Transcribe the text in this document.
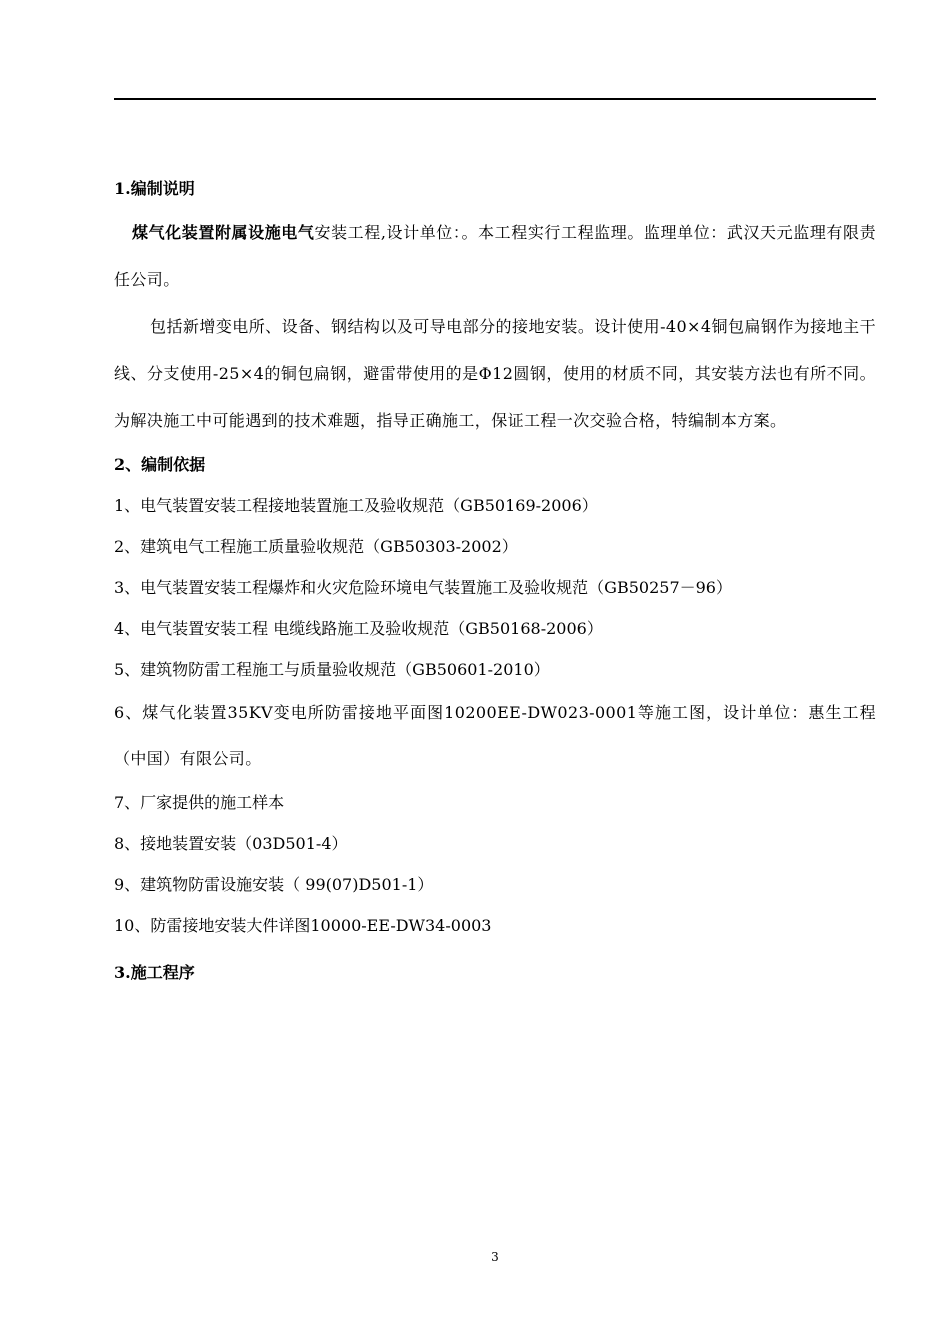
1.编制说明
煤气化装置附属设施电气安装工程,设计单位：。本工程实行工程监理。监理单位：武汉天元监理有限责任公司。
包括新增变电所、设备、钢结构以及可导电部分的接地安装。设计使用-40×4铜包扁钢作为接地主干线、分支使用-25×4的铜包扁钢，避雷带使用的是Φ12圆钢，使用的材质不同，其安装方法也有所不同。为解决施工中可能遇到的技术难题，指导正确施工，保证工程一次交验合格，特编制本方案。
2、编制依据
1、电气装置安装工程接地装置施工及验收规范（GB50169-2006）
2、建筑电气工程施工质量验收规范（GB50303-2002）
3、电气装置安装工程爆炸和火灾危险环境电气装置施工及验收规范（GB50257－96）
4、电气装置安装工程 电缆线路施工及验收规范（GB50168-2006）
5、建筑物防雷工程施工与质量验收规范（GB50601-2010）
6、煤气化装置35KV变电所防雷接地平面图10200EE-DW023-0001等施工图，设计单位：惠生工程（中国）有限公司。
7、厂家提供的施工样本
8、接地装置安装（03D501-4）
9、建筑物防雷设施安装（ 99(07)D501-1）
10、防雷接地安装大件详图10000-EE-DW34-0003
3.施工程序
3
